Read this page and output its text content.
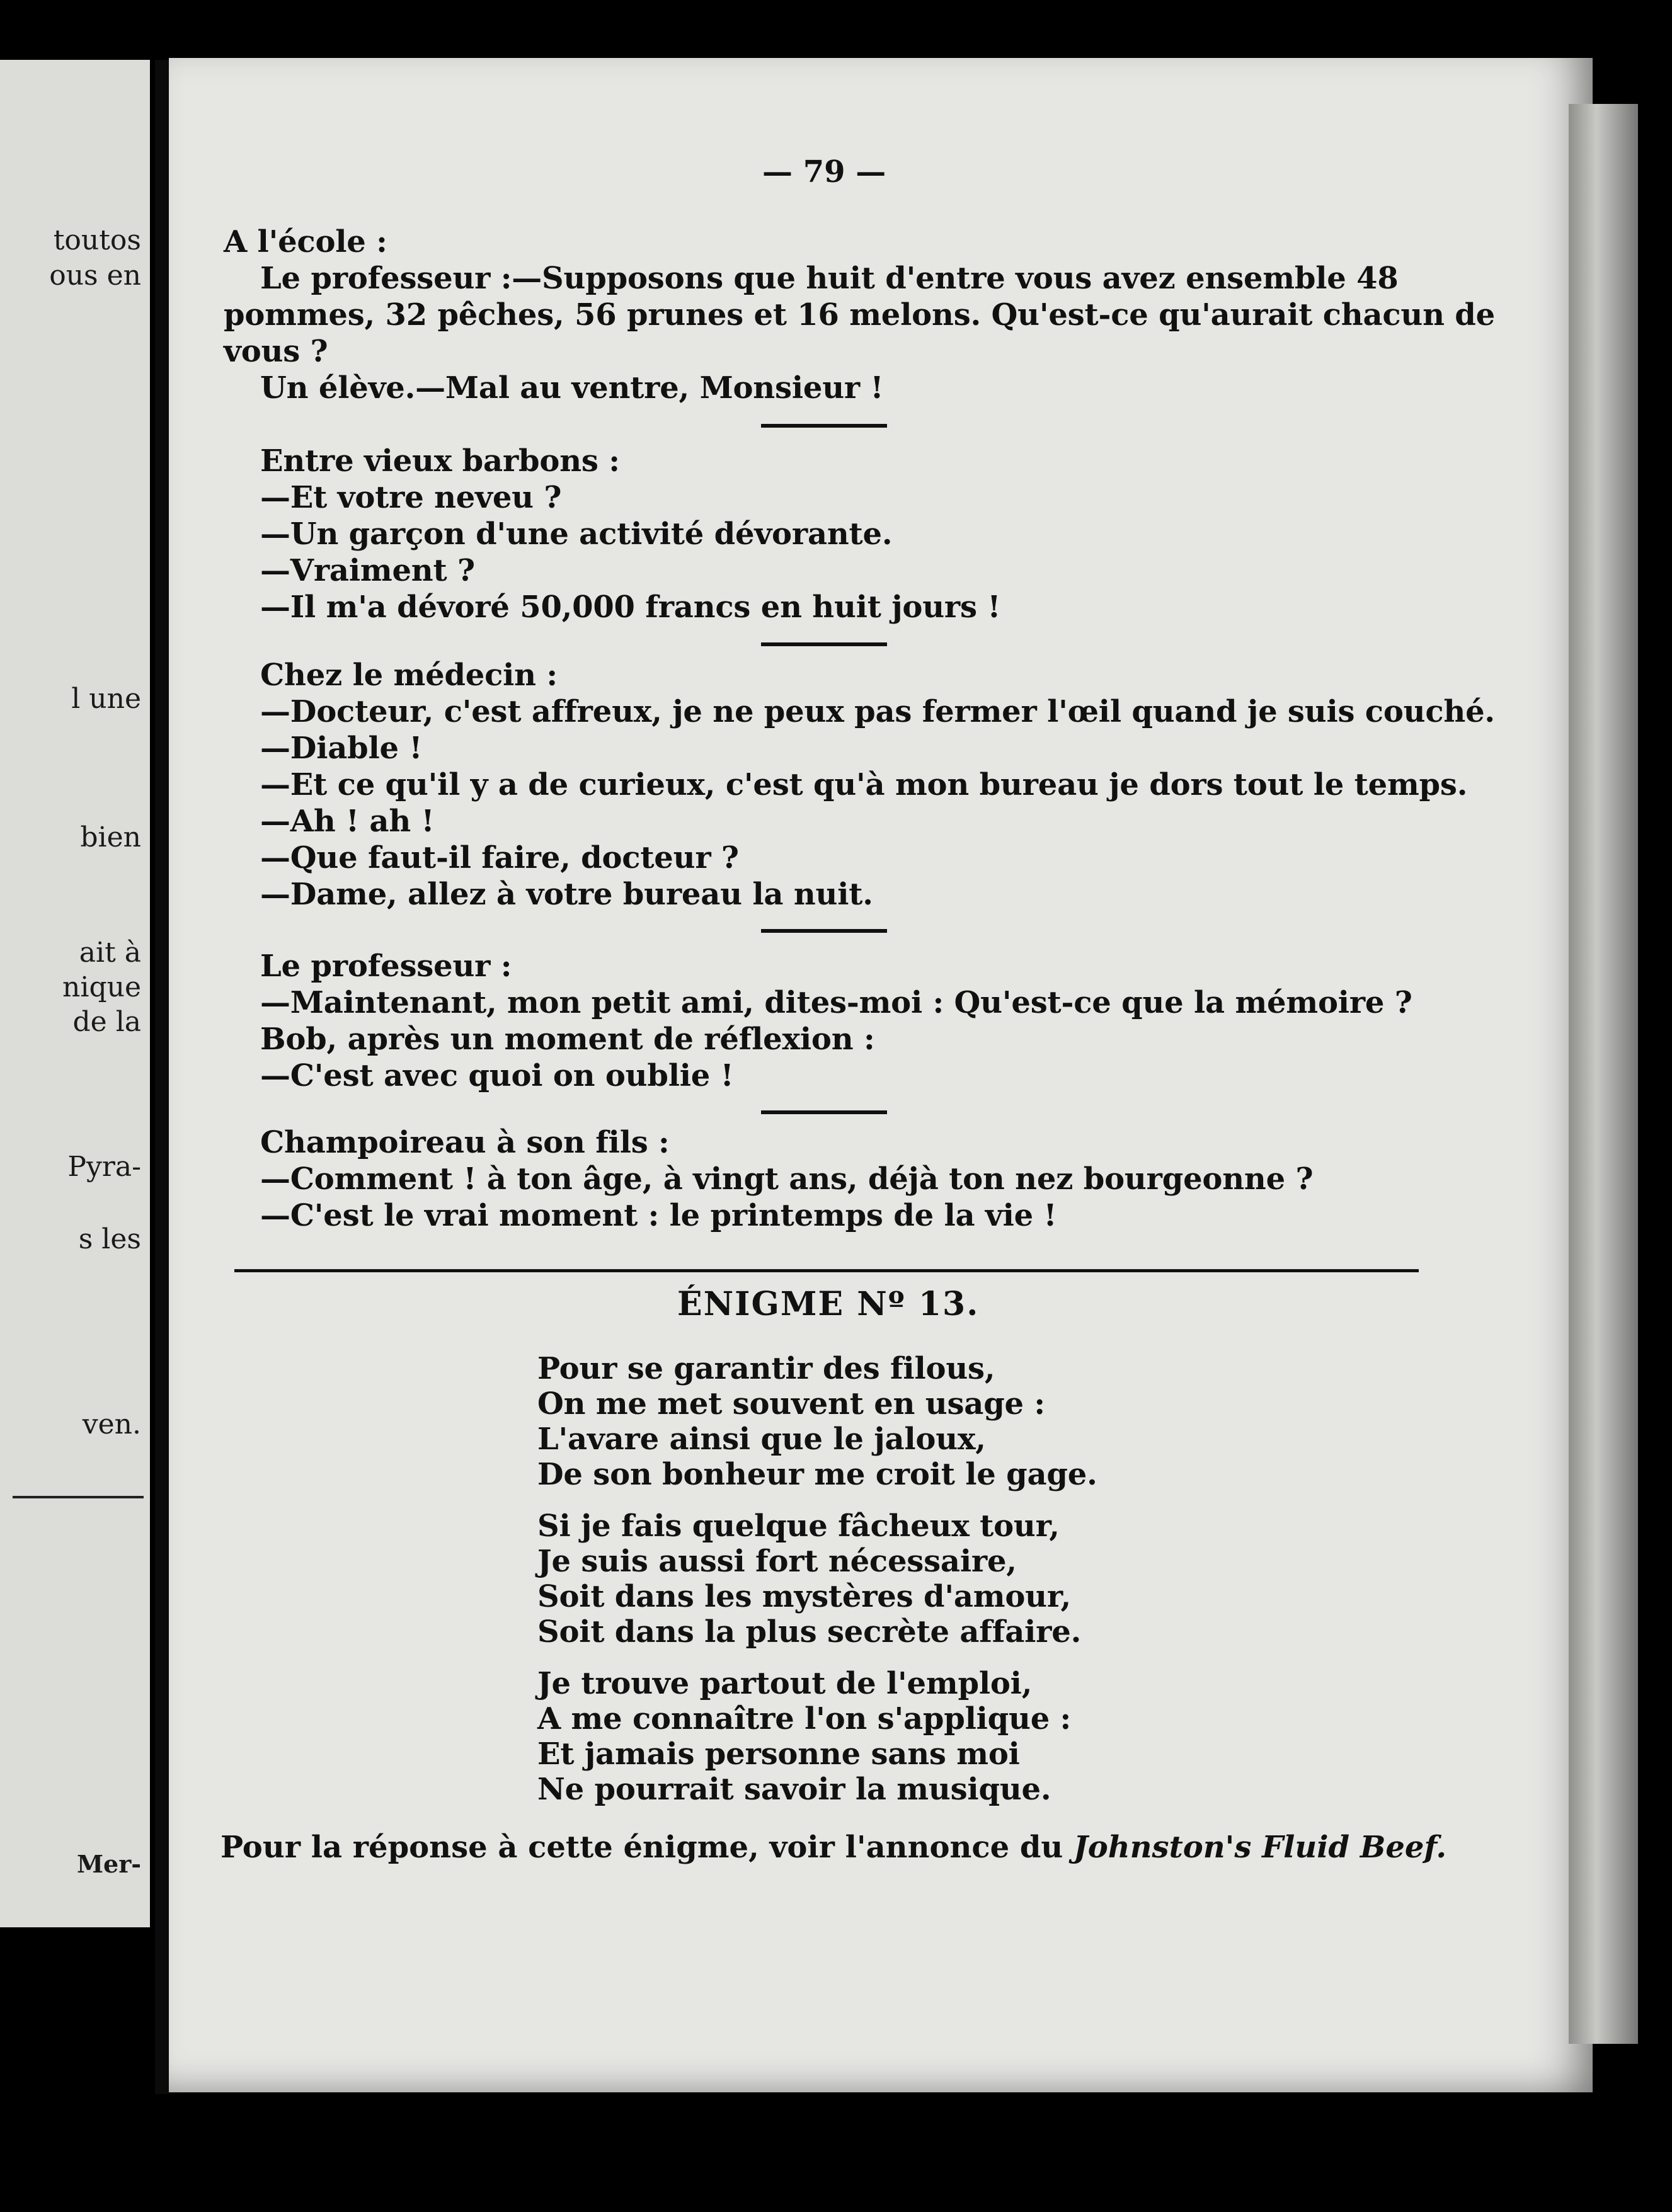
toutos
ous en
l une
bien
ait à
nique
de la
Pyra-
s les
ven.
Mer-
— 79 —
A l'école :
Le professeur :—Supposons que huit d'entre vous avez ensemble 48
pommes, 32 pêches, 56 prunes et 16 melons. Qu'est-ce qu'aurait chacun de
vous ?
Un élève.—Mal au ventre, Monsieur !
Entre vieux barbons :
—Et votre neveu ?
—Un garçon d'une activité dévorante.
—Vraiment ?
—Il m'a dévoré 50,000 francs en huit jours !
Chez le médecin :
—Docteur, c'est affreux, je ne peux pas fermer l'œil quand je suis couché.
—Diable !
—Et ce qu'il y a de curieux, c'est qu'à mon bureau je dors tout le temps.
—Ah ! ah !
—Que faut-il faire, docteur ?
—Dame, allez à votre bureau la nuit.
Le professeur :
—Maintenant, mon petit ami, dites-moi : Qu'est-ce que la mémoire ?
Bob, après un moment de réflexion :
—C'est avec quoi on oublie !
Champoireau à son fils :
—Comment ! à ton âge, à vingt ans, déjà ton nez bourgeonne ?
—C'est le vrai moment : le printemps de la vie !
ÉNIGME Nº 13.
Pour se garantir des filous,
On me met souvent en usage :
L'avare ainsi que le jaloux,
De son bonheur me croit le gage.
Si je fais quelque fâcheux tour,
Je suis aussi fort nécessaire,
Soit dans les mystères d'amour,
Soit dans la plus secrète affaire.
Je trouve partout de l'emploi,
A me connaître l'on s'applique :
Et jamais personne sans moi
Ne pourrait savoir la musique.
Pour la réponse à cette énigme, voir l'annonce du Johnston's Fluid Beef.
